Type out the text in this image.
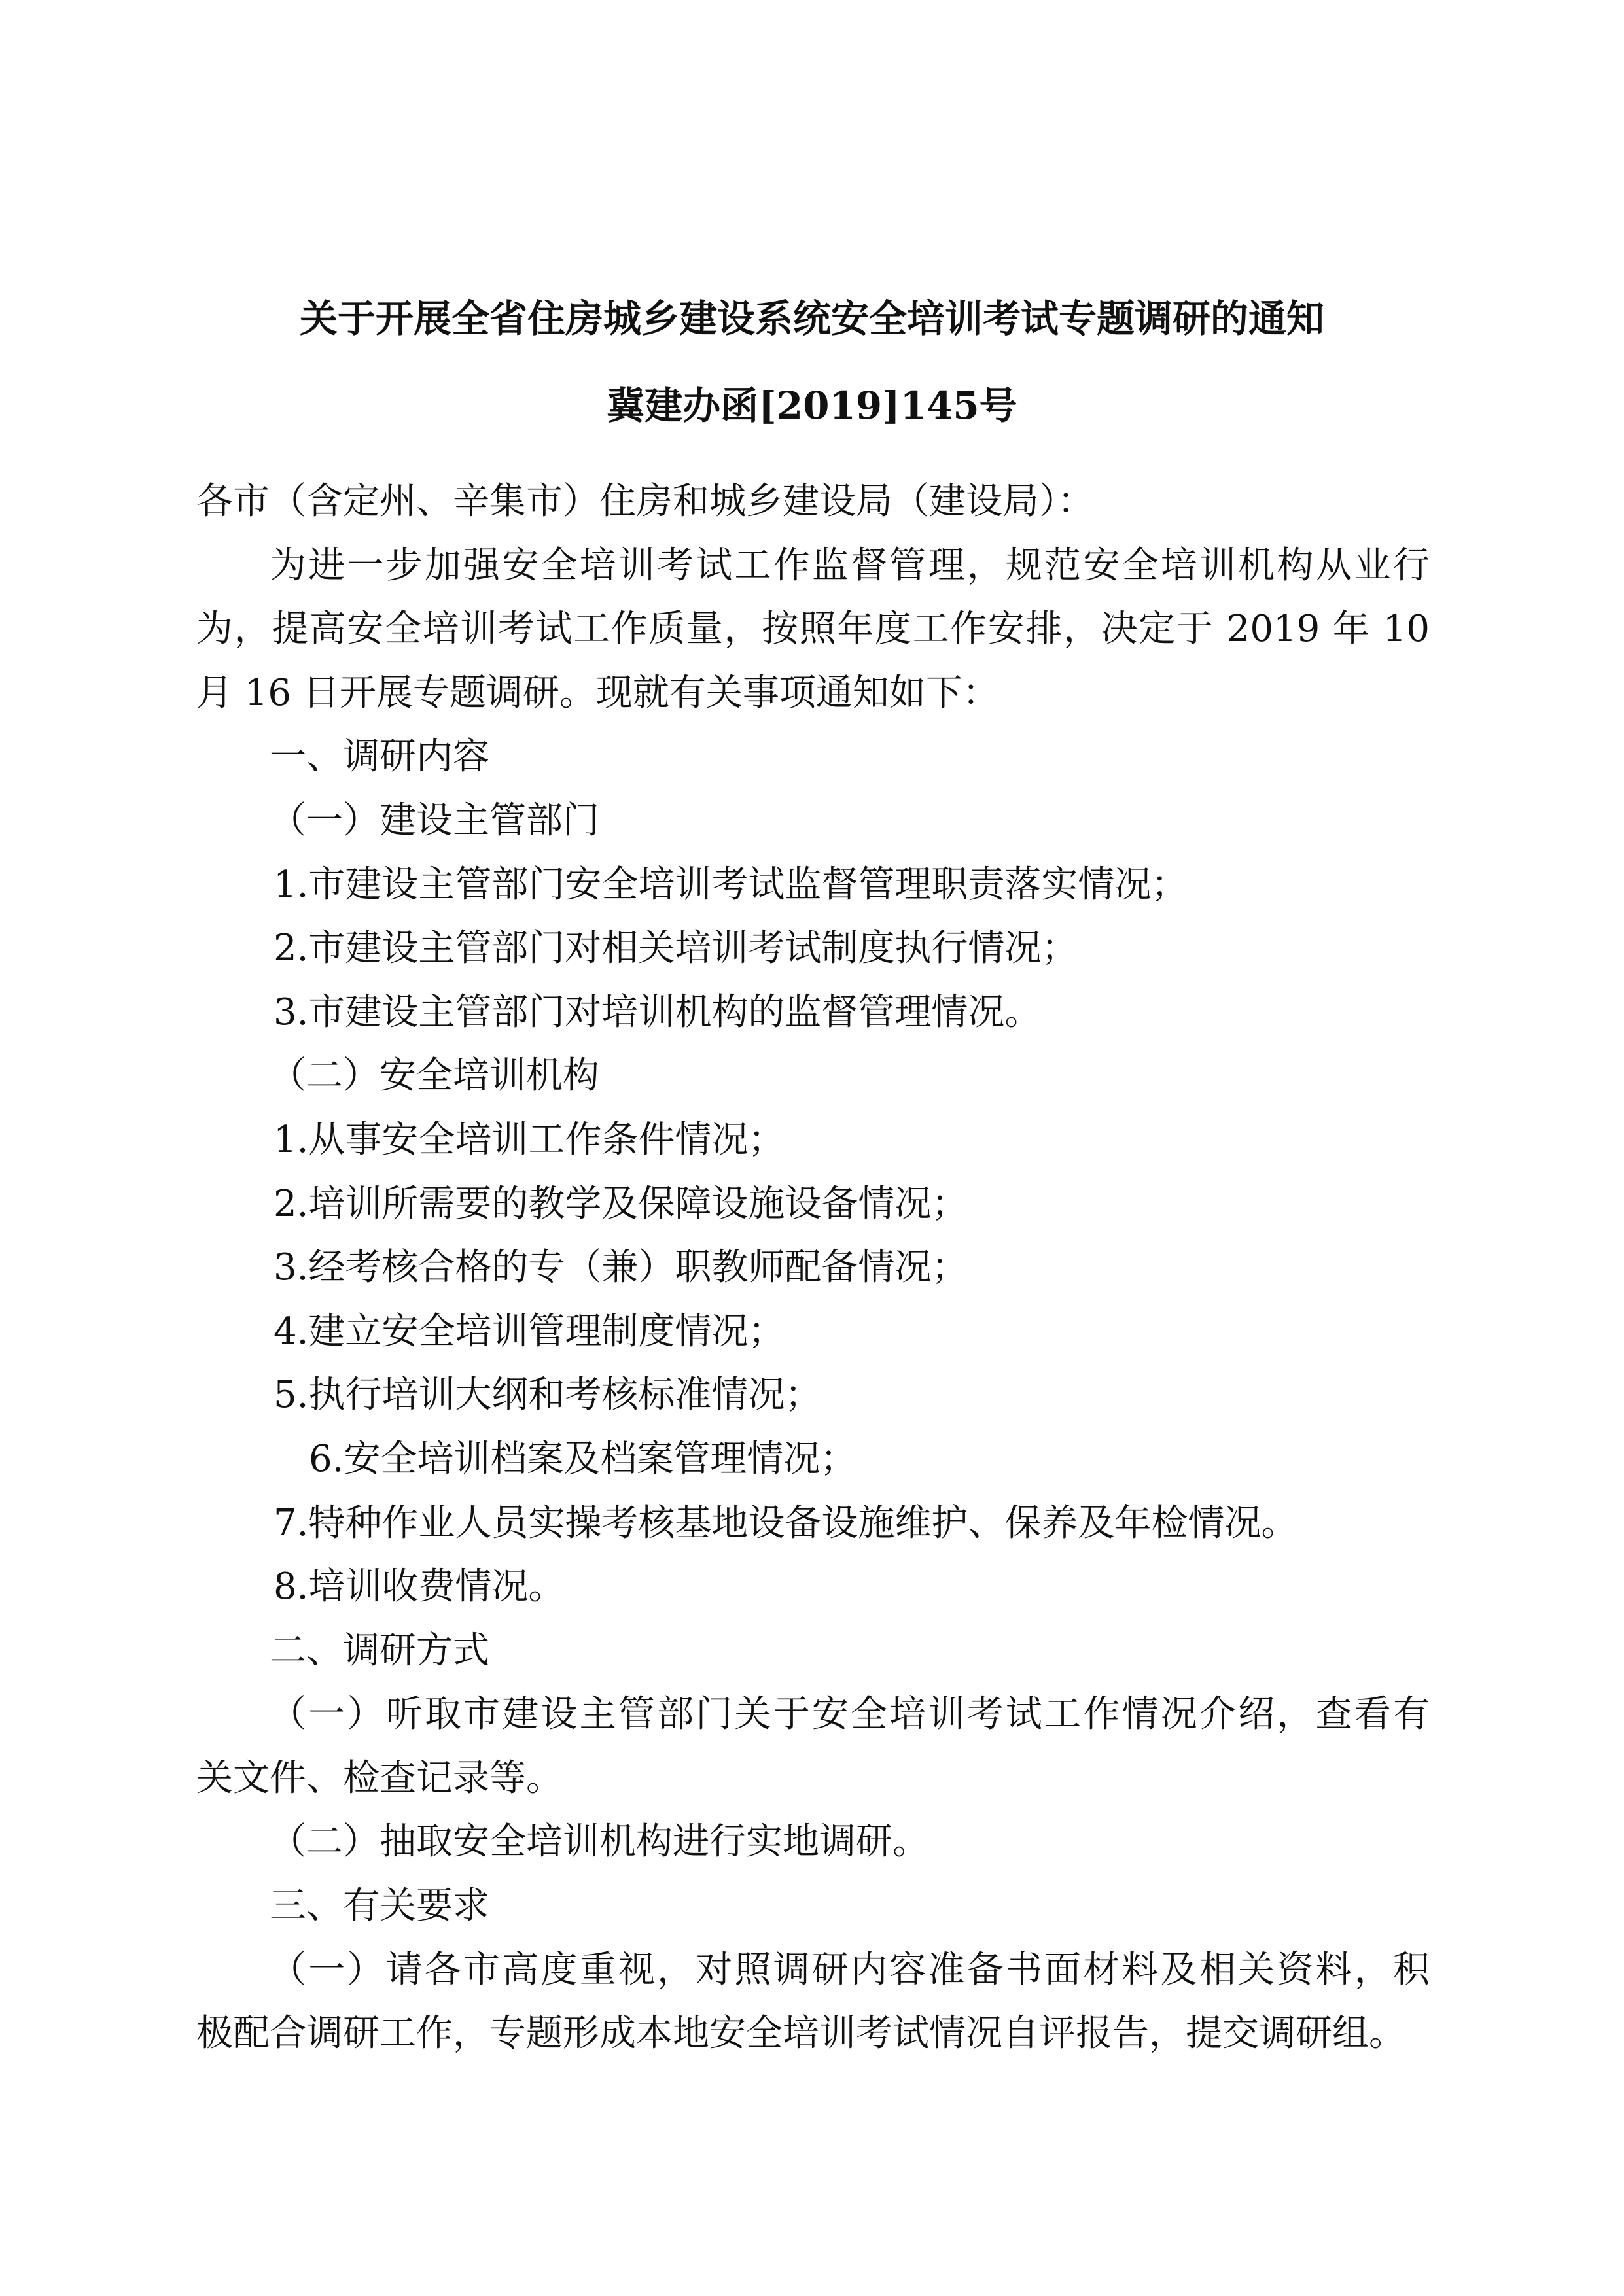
关于开展全省住房城乡建设系统安全培训考试专题调研的通知
冀建办函[2019]145号
各市（含定州、辛集市）住房和城乡建设局（建设局）：
为进一步加强安全培训考试工作监督管理，规范安全培训机构从业行
为，提高安全培训考试工作质量，按照年度工作安排，决定于 2019 年 10
月 16 日开展专题调研。现就有关事项通知如下：
一、调研内容
（一）建设主管部门
1.市建设主管部门安全培训考试监督管理职责落实情况；
2.市建设主管部门对相关培训考试制度执行情况；
3.市建设主管部门对培训机构的监督管理情况。
（二）安全培训机构
1.从事安全培训工作条件情况；
2.培训所需要的教学及保障设施设备情况；
3.经考核合格的专（兼）职教师配备情况；
4.建立安全培训管理制度情况；
5.执行培训大纲和考核标准情况；
6.安全培训档案及档案管理情况；
7.特种作业人员实操考核基地设备设施维护、保养及年检情况。
8.培训收费情况。
二、调研方式
（一）听取市建设主管部门关于安全培训考试工作情况介绍，查看有
关文件、检查记录等。
（二）抽取安全培训机构进行实地调研。
三、有关要求
（一）请各市高度重视，对照调研内容准备书面材料及相关资料，积
极配合调研工作，专题形成本地安全培训考试情况自评报告，提交调研组。
